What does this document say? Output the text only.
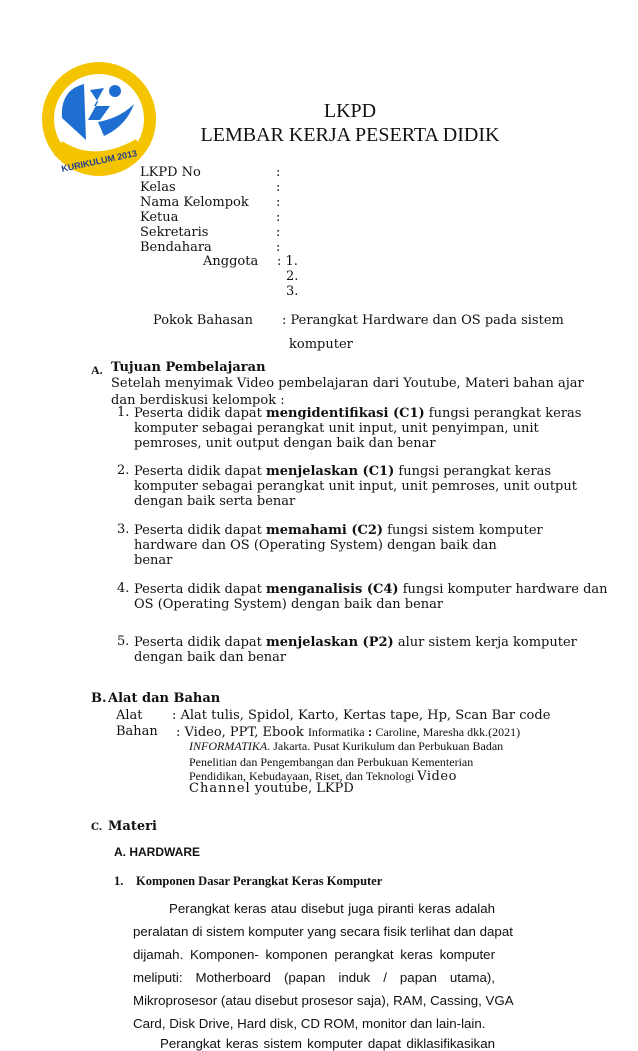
KURIKULUM 2013
LKPD
LEMBAR KERJA PESERTA DIDIK
LKPD No	:
Kelas	:
Nama Kelompok :
Ketua	:
Sekretaris	:
Bendahara	:
Anggota : 1.
2.
3.
Pokok Bahasan : Perangkat Hardware dan OS pada sistem
komputer
A. Tujuan Pembelajaran
Setelah menyimak Video pembelajaran dari Youtube, Materi bahan ajar
dan berdiskusi kelompok :
1. Peserta didik dapat mengidentifikasi (C1) fungsi perangkat keras
komputer sebagai perangkat unit input, unit penyimpan, unit
pemroses, unit output dengan baik dan benar
2. Peserta didik dapat menjelaskan (C1) fungsi perangkat keras
komputer sebagai perangkat unit input, unit pemroses, unit output
dengan baik serta benar
3. Peserta didik dapat memahami (C2) fungsi sistem komputer
hardware dan OS (Operating System) dengan baik dan
benar
4. Peserta didik dapat menganalisis (C4) fungsi komputer hardware dan
OS (Operating System) dengan baik dan benar
5. Peserta didik dapat menjelaskan (P2) alur sistem kerja komputer
dengan baik dan benar
B. Alat dan Bahan
Alat : Alat tulis, Spidol, Karto, Kertas tape, Hp, Scan Bar code
Bahan : Video, PPT, Ebook Informatika : Caroline, Maresha dkk.(2021)
INFORMATIKA. Jakarta. Pusat Kurikulum dan Perbukuan Badan
Penelitian dan Pengembangan dan Perbukuan Kementerian
Pendidikan, Kebudayaan, Riset, dan Teknologi Video
Channel youtube, LKPD
C. Materi
A. HARDWARE
1. Komponen Dasar Perangkat Keras Komputer
Perangkat keras atau disebut juga piranti keras adalah
peralatan di sistem komputer yang secara fisik terlihat dan dapat
dijamah. Komponen- komponen perangkat keras komputer
meliputi: Motherboard (papan induk / papan utama),
Mikroprosesor (atau disebut prosesor saja), RAM, Cassing, VGA
Card, Disk Drive, Hard disk, CD ROM, monitor dan lain-lain.
Perangkat keras sistem komputer dapat diklasifikasikan
